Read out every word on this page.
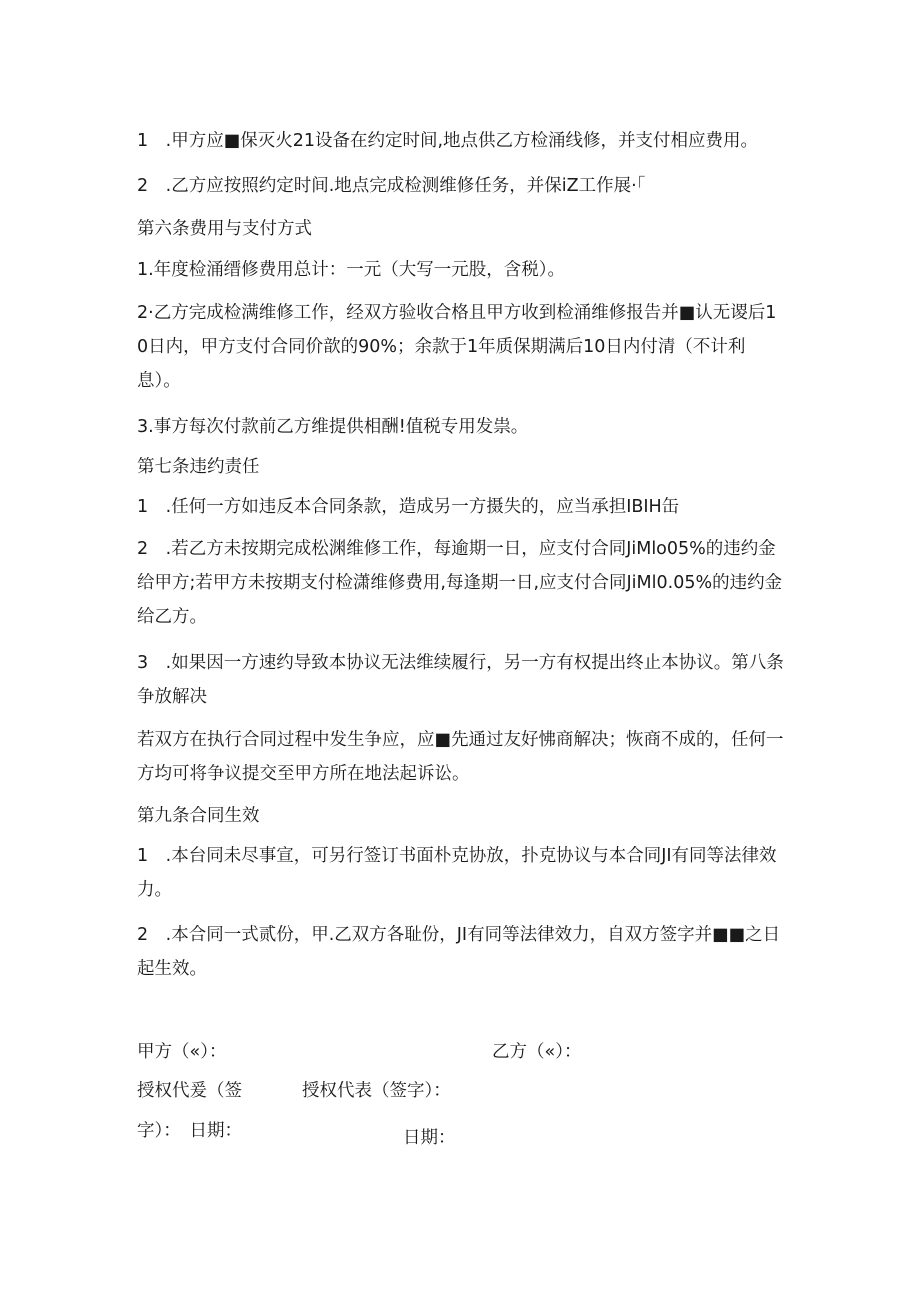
1　.甲方应■保灭火21设备在约定时间,地点供乙方检涌线修，并支付相应费用。

2　.乙方应按照约定时间.地点完成检测维修任务，并保iZ工作展·「

第六条费用与支付方式

1.年度检涌缙修费用总计：一元（大写一元股，含税）。

2·乙方完成检满维修工作，经双方验收合格且甲方收到检涌维修报告并■认无谡后10日内，甲方支付合同价歆的90%；余款于1年质保期满后10日内付清（不计利息）。

3.事方每次付款前乙方维提供相酬!值税专用发祟。

第七条违约责任

1　.任何一方如违反本合同条款，造成另一方摄失的，应当承担IBIH缶

2　.若乙方未按期完成松渊维修工作，每逾期一日，应支付合同JiMlo05%的违约金给甲方;若甲方未按期支付检潇维修费用,每逢期一日,应支付合同JiMl0.05%的违约金给乙方。

3　.如果因一方速约导致本协议无法维续履行，另一方有权提出终止本协议。第八条争放解决

若双方在执行合同过程中发生争应，应■先通过友好怫商解决；恢商不成的，任何一方均可将争议提交至甲方所在地法起诉讼。

第九条合同生效

1　.本台同未尽事宣，可另行签订书面朴克协放，扑克协议与本合同JI有同等法律效力。

2　.本合同一式贰份，甲.乙双方各耻份，JI有同等法律效力，自双方签字并■■之日起生效。

甲方（«）：	乙方（«）：
授权代爰（签	授权代表（签字）：
字）：　日期：	日期：
